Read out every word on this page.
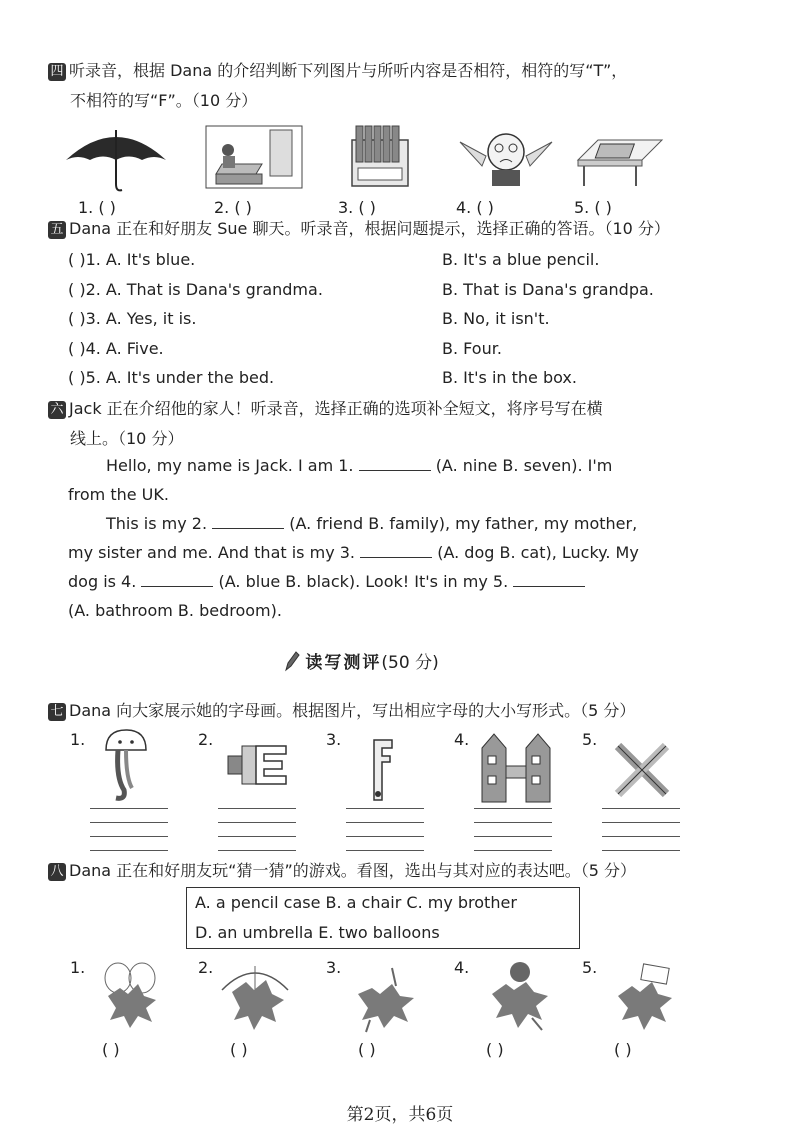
四 听录音，根据 Dana 的介绍判断下列图片与所听内容是否相符，相符的写“T”，
不相符的写“F”。（10 分）
1. ( )	2. ( )	3. ( )	4. ( )	5. ( )
五 Dana 正在和好朋友 Sue 聊天。听录音，根据问题提示，选择正确的答语。（10 分）
( )1. A. It's blue.	B. It's a blue pencil.
( )2. A. That is Dana's grandma.	B. That is Dana's grandpa.
( )3. A. Yes, it is.	B. No, it isn't.
( )4. A. Five.	B. Four.
( )5. A. It's under the bed.	B. It's in the box.
六 Jack 正在介绍他的家人！听录音，选择正确的选项补全短文，将序号写在横
线上。（10 分）
Hello, my name is Jack. I am 1.	(A. nine B. seven). I'm
from the UK.
This is my 2.	(A. friend B. family), my father, my mother,
my sister and me. And that is my 3.	(A. dog B. cat), Lucky. My
dog is 4.	(A. blue B. black). Look! It's in my 5.
(A. bathroom B. bedroom).
读写测评(50 分)
七 Dana 向大家展示她的字母画。根据图片，写出相应字母的大小写形式。（5 分）
1.	2.	3.	4.	5.
八 Dana 正在和好朋友玩“猜一猜”的游戏。看图，选出与其对应的表达吧。（5 分）
A. a pencil case B. a chair C. my brother
D. an umbrella E. two balloons
1.	2.	3.	4.	5.
( )	( )	( )	( )	( )
第2页，共6页
